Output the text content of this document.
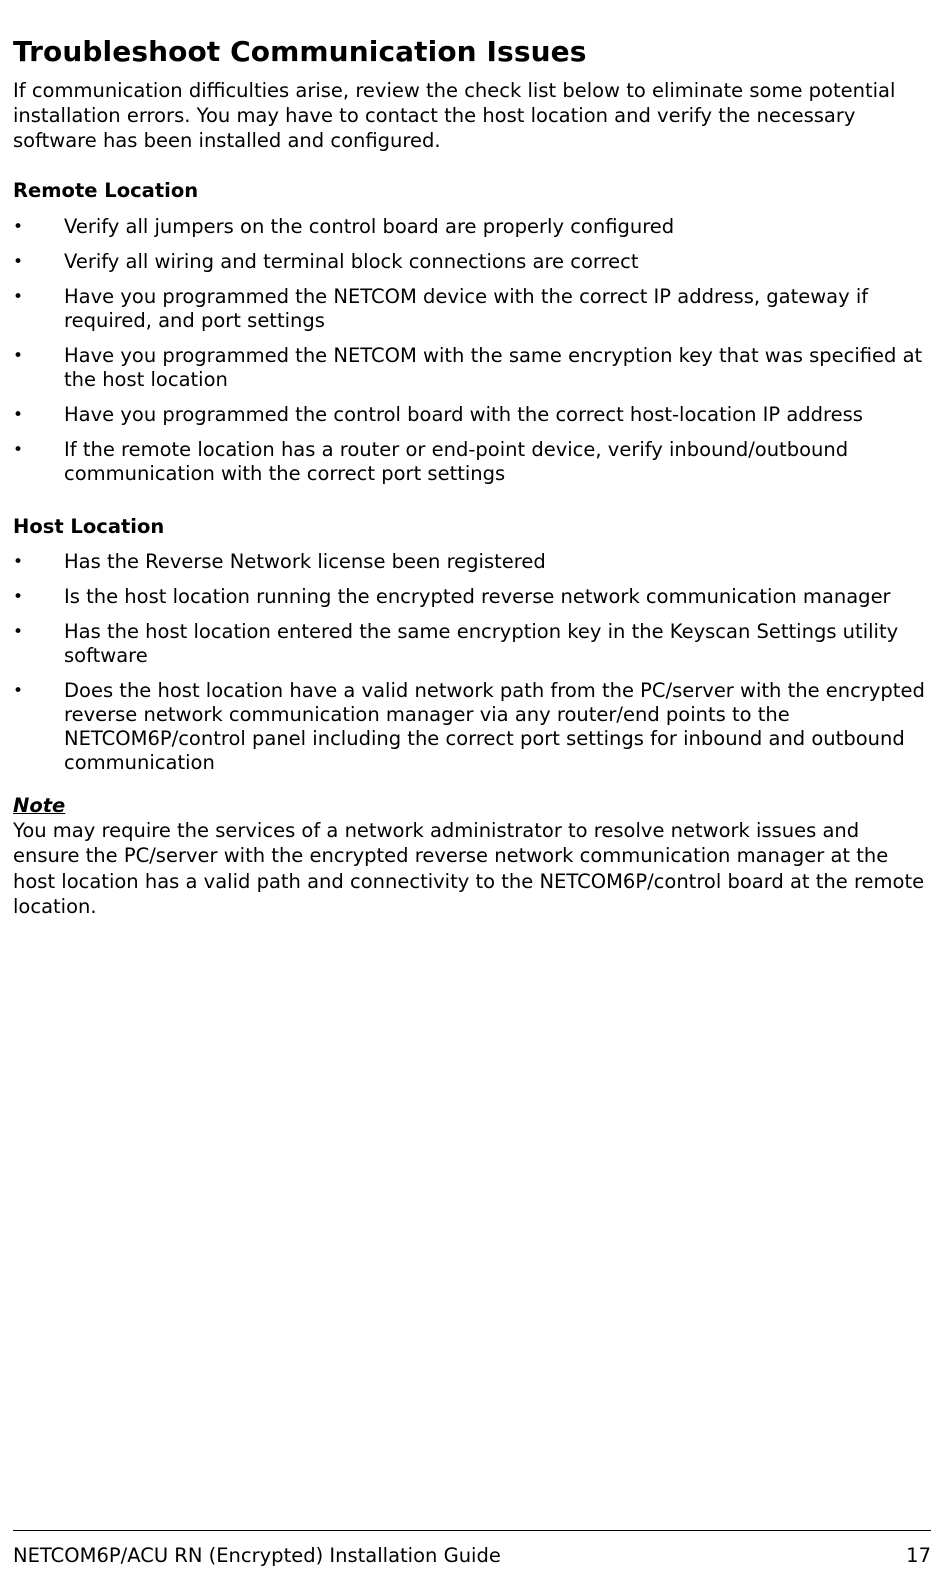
Troubleshoot Communication Issues

If communication difficulties arise, review the check list below to eliminate some potential installation errors. You may have to contact the host location and verify the necessary software has been installed and configured.

Remote Location
• Verify all jumpers on the control board are properly configured
• Verify all wiring and terminal block connections are correct
• Have you programmed the NETCOM device with the correct IP address, gateway if required, and port settings
• Have you programmed the NETCOM with the same encryption key that was specified at the host location
• Have you programmed the control board with the correct host-location IP address
• If the remote location has a router or end-point device, verify inbound/outbound communication with the correct port settings
Host Location
• Has the Reverse Network license been registered
• Is the host location running the encrypted reverse network communication manager
• Has the host location entered the same encryption key in the Keyscan Settings utility software
• Does the host location have a valid network path from the PC/server with the encrypted reverse network communication manager via any router/end points to the NETCOM6P/control panel including the correct port settings for inbound and outbound communication

Note

You may require the services of a network administrator to resolve network issues and ensure the PC/server with the encrypted reverse network communication manager at the host location has a valid path and connectivity to the NETCOM6P/control board at the remote location.

NETCOM6P/ACU RN (Encrypted) Installation Guide	17
